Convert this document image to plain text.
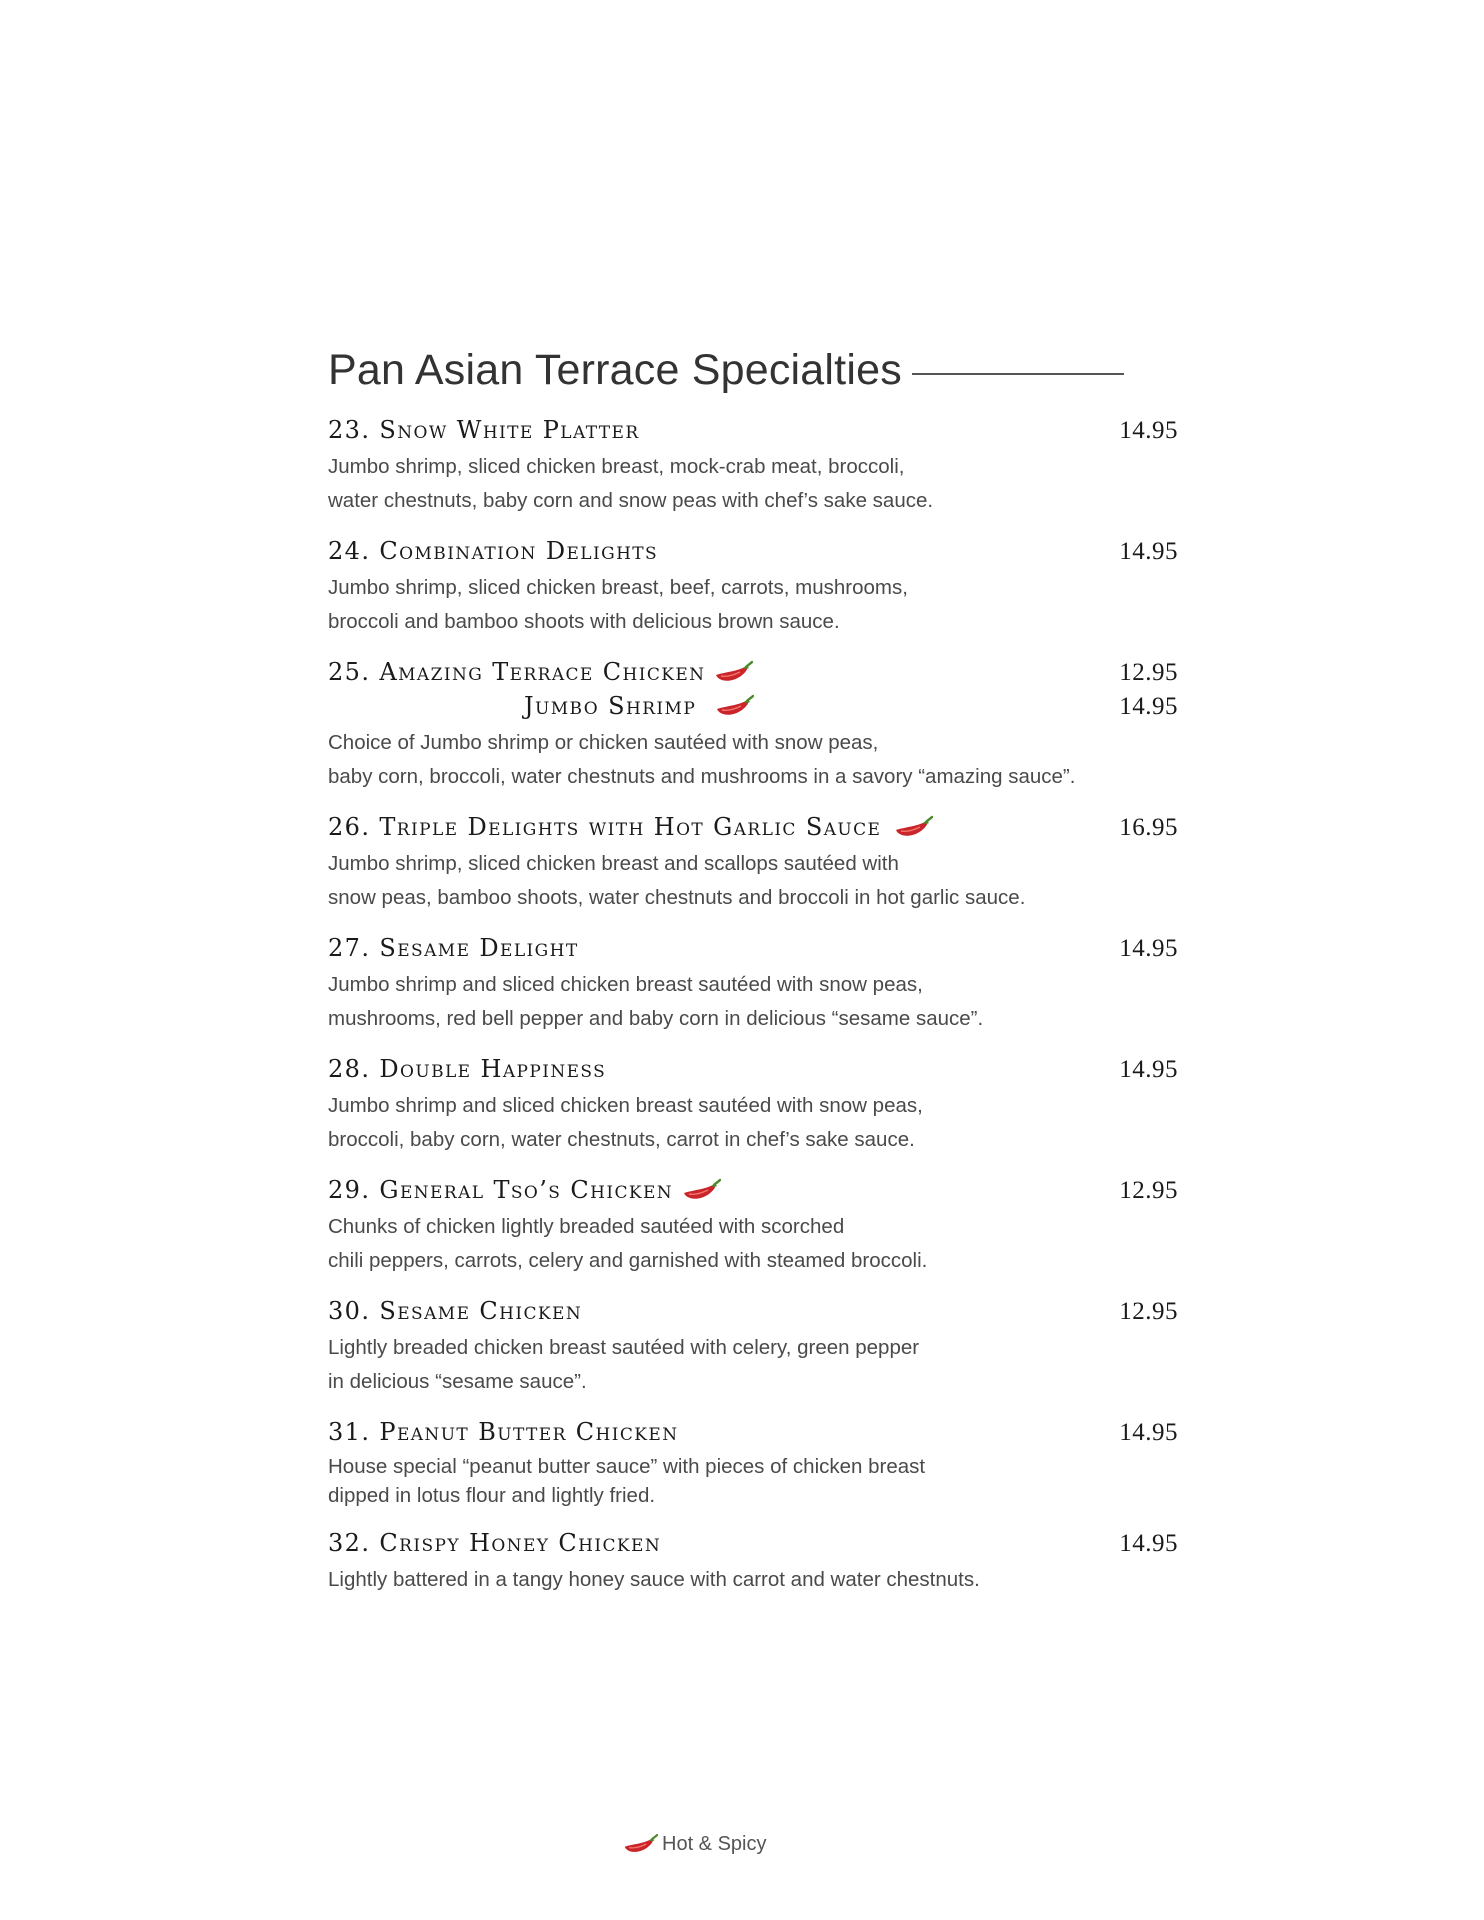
Pan Asian Terrace Specialties
23. Snow White Platter	14.95
Jumbo shrimp, sliced chicken breast, mock-crab meat, broccoli,
water chestnuts, baby corn and snow peas with chef’s sake sauce.
24. Combination Delights	14.95
Jumbo shrimp, sliced chicken breast, beef, carrots, mushrooms,
broccoli and bamboo shoots with delicious brown sauce.
25. Amazing Terrace Chicken	12.95
Jumbo Shrimp	14.95
Choice of Jumbo shrimp or chicken sautéed with snow peas,
baby corn, broccoli, water chestnuts and mushrooms in a savory “amazing sauce”.
26. Triple Delights with Hot Garlic Sauce	16.95
Jumbo shrimp, sliced chicken breast and scallops sautéed with
snow peas, bamboo shoots, water chestnuts and broccoli in hot garlic sauce.
27. Sesame Delight	14.95
Jumbo shrimp and sliced chicken breast sautéed with snow peas,
mushrooms, red bell pepper and baby corn in delicious “sesame sauce”.
28. Double Happiness	14.95
Jumbo shrimp and sliced chicken breast sautéed with snow peas,
broccoli, baby corn, water chestnuts, carrot in chef’s sake sauce.
29. General Tso’s Chicken	12.95
Chunks of chicken lightly breaded sautéed with scorched
chili peppers, carrots, celery and garnished with steamed broccoli.
30. Sesame Chicken	12.95
Lightly breaded chicken breast sautéed with celery, green pepper
in delicious “sesame sauce”.
31. Peanut Butter Chicken	14.95
House special “peanut butter sauce” with pieces of chicken breast
dipped in lotus flour and lightly fried.
32. Crispy Honey Chicken	14.95
Lightly battered in a tangy honey sauce with carrot and water chestnuts.
Hot & Spicy
